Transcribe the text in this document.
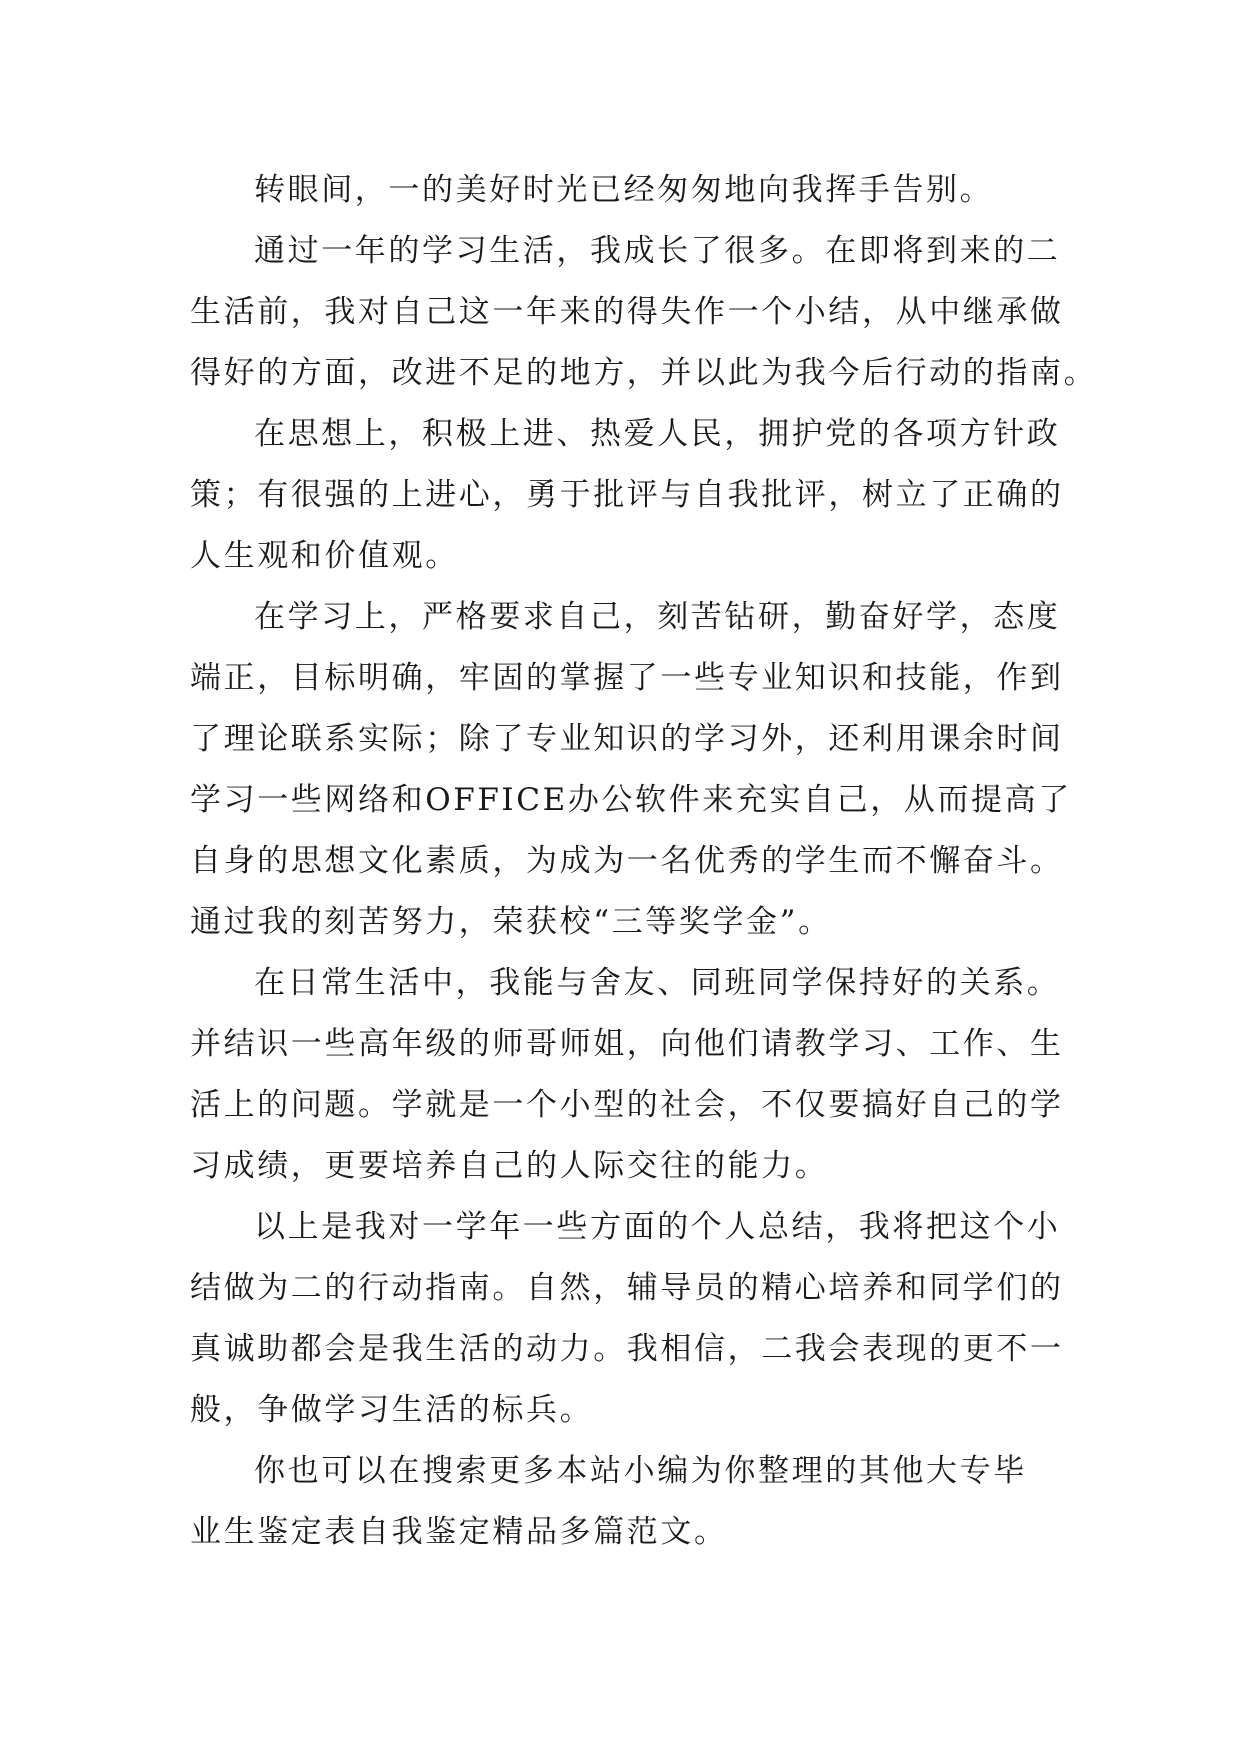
转眼间，一的美好时光已经匆匆地向我挥手告别。
通过一年的学习生活，我成长了很多。在即将到来的二
生活前，我对自己这一年来的得失作一个小结，从中继承做
得好的方面，改进不足的地方，并以此为我今后行动的指南。
在思想上，积极上进、热爱人民，拥护党的各项方针政
策；有很强的上进心，勇于批评与自我批评，树立了正确的
人生观和价值观。
在学习上，严格要求自己，刻苦钻研，勤奋好学，态度
端正，目标明确，牢固的掌握了一些专业知识和技能，作到
了理论联系实际；除了专业知识的学习外，还利用课余时间
学习一些网络和OFFICE办公软件来充实自己，从而提高了
自身的思想文化素质，为成为一名优秀的学生而不懈奋斗。
通过我的刻苦努力，荣获校“三等奖学金”。
在日常生活中，我能与舍友、同班同学保持好的关系。
并结识一些高年级的师哥师姐，向他们请教学习、工作、生
活上的问题。学就是一个小型的社会，不仅要搞好自己的学
习成绩，更要培养自己的人际交往的能力。
以上是我对一学年一些方面的个人总结，我将把这个小
结做为二的行动指南。自然，辅导员的精心培养和同学们的
真诚助都会是我生活的动力。我相信，二我会表现的更不一
般，争做学习生活的标兵。
你也可以在搜索更多本站小编为你整理的其他大专毕
业生鉴定表自我鉴定精品多篇范文。
